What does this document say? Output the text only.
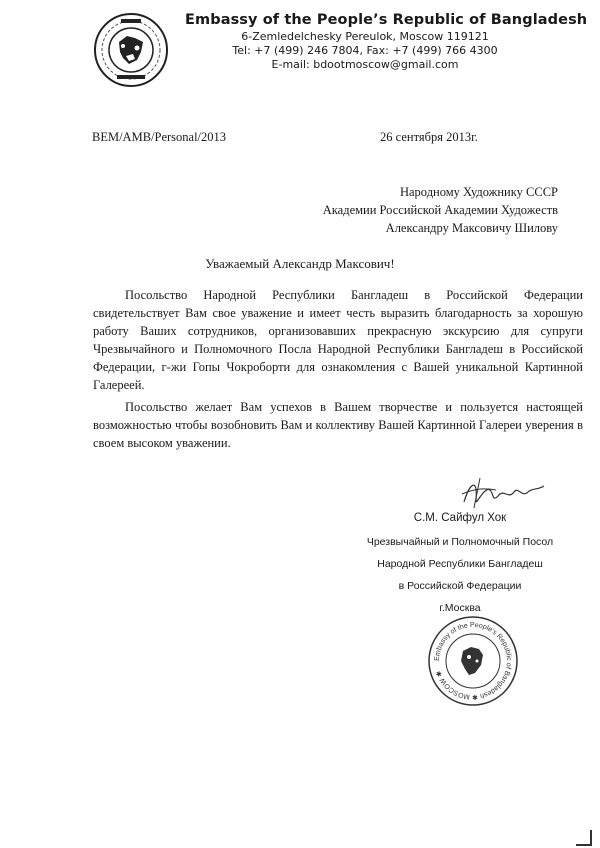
Embassy of the People’s Republic of Bangladesh
6-Zemledelchesky Pereulok, Moscow 119121
Tel: +7 (499) 246 7804, Fax: +7 (499) 766 4300
E-mail: bdootmoscow@gmail.com
BEM/AMB/Personal/2013	26 сентября 2013г.
Народному Художнику СССР
Академии Российской Академии Художеств
Александру Максовичу Шилову
Уважаемый Александр Максович!

Посольство Народной Республики Бангладеш в Российской Федерации свидетельствует Вам свое уважение и имеет честь выразить благодарность за хорошую работу Ваших сотрудников, организовавших прекрасную экскурсию для супруги Чрезвычайного и Полномочного Посла Народной Республики Бангладеш в Российской Федерации, г-жи Гопы Чокроборти для ознакомления с Вашей уникальной Картинной Галереей.

Посольство желает Вам успехов в Вашем творчестве и пользуется настоящей возможностью чтобы возобновить Вам и коллективу Вашей Картинной Галереи уверения в своем высоком уважении.

С.М. Сайфул Хок
Чрезвычайный и Полномочный Посол
Народной Республики Бангладеш
в Российской Федерации
г.Москва
Embassy of the People’s Republic of Bangladesh ✱ MOSCOW ✱
